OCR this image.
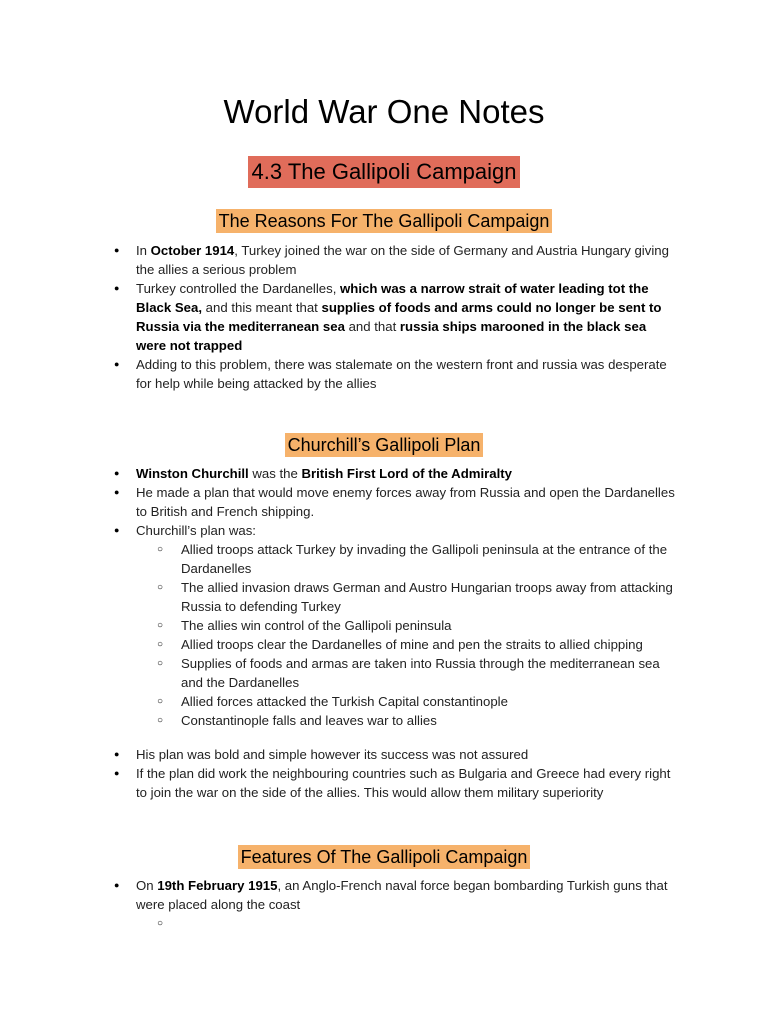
World War One Notes
4.3 The Gallipoli Campaign
The Reasons For The Gallipoli Campaign
● In October 1914, Turkey joined the war on the side of Germany and Austria Hungary giving the allies a serious problem
● Turkey controlled the Dardanelles, which was a narrow strait of water leading tot the Black Sea, and this meant that supplies of foods and arms could no longer be sent to Russia via the mediterranean sea and that russia ships marooned in the black sea were not trapped
● Adding to this problem, there was stalemate on the western front and russia was desperate for help while being attacked by the allies
Churchill’s Gallipoli Plan
● Winston Churchill was the British First Lord of the Admiralty
● He made a plan that would move enemy forces away from Russia and open the Dardanelles to British and French shipping.
● Churchill’s plan was:
○ Allied troops attack Turkey by invading the Gallipoli peninsula at the entrance of the Dardanelles
○ The allied invasion draws German and Austro Hungarian troops away from attacking Russia to defending Turkey
○ The allies win control of the Gallipoli peninsula
○ Allied troops clear the Dardanelles of mine and pen the straits to allied chipping
○ Supplies of foods and armas are taken into Russia through the mediterranean sea and the Dardanelles
○ Allied forces attacked the Turkish Capital constantinople
○ Constantinople falls and leaves war to allies
● His plan was bold and simple however its success was not assured
● If the plan did work the neighbouring countries such as Bulgaria and Greece had every right to join the war on the side of the allies. This would allow them military superiority
Features Of The Gallipoli Campaign
● On 19th February 1915, an Anglo-French naval force began bombarding Turkish guns that were placed along the coast
○
